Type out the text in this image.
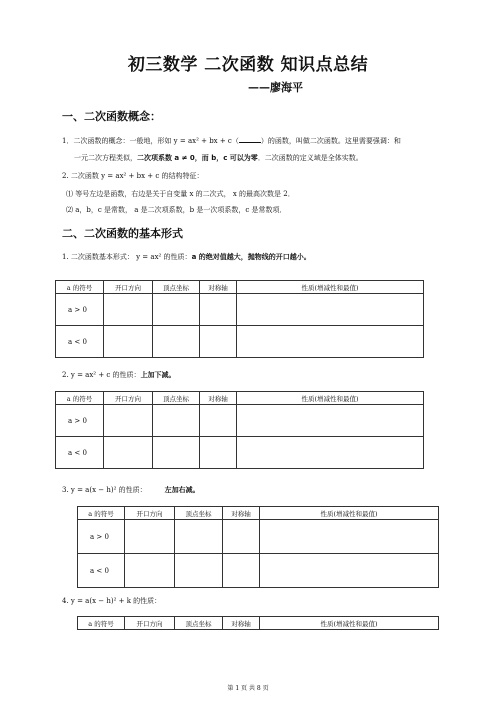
初三数学 二次函数 知识点总结
——廖海平
一、二次函数概念：
1．二次函数的概念：一般地，形如 y = ax² + bx + c（	）的函数，叫做二次函数。这里需要强调：和
一元二次方程类似，二次项系数 a ≠ 0，而 b，c 可以为零．二次函数的定义域是全体实数。
2. 二次函数 y = ax² + bx + c 的结构特征：
⑴ 等号左边是函数，右边是关于自变量 x 的二次式， x 的最高次数是 2．
⑵ a，b，c 是常数， a 是二次项系数，b 是一次项系数，c 是常数项．
二、二次函数的基本形式
1. 二次函数基本形式： y = ax² 的性质：a 的绝对值越大，抛物线的开口越小。
a 的符号	开口方向	顶点坐标	对称轴	性质(增减性和最值)
a > 0				
a < 0				
2. y = ax² + c 的性质：上加下减。
a 的符号	开口方向	顶点坐标	对称轴	性质(增减性和最值)
a > 0				
a < 0				
3. y = a(x − h)² 的性质：	左加右减。
a 的符号	开口方向	顶点坐标	对称轴	性质(增减性和最值)
a > 0				
a < 0				
4. y = a(x − h)² + k 的性质：
a 的符号	开口方向	顶点坐标	对称轴	性质(增减性和最值)
第 1 页 共 8 页
